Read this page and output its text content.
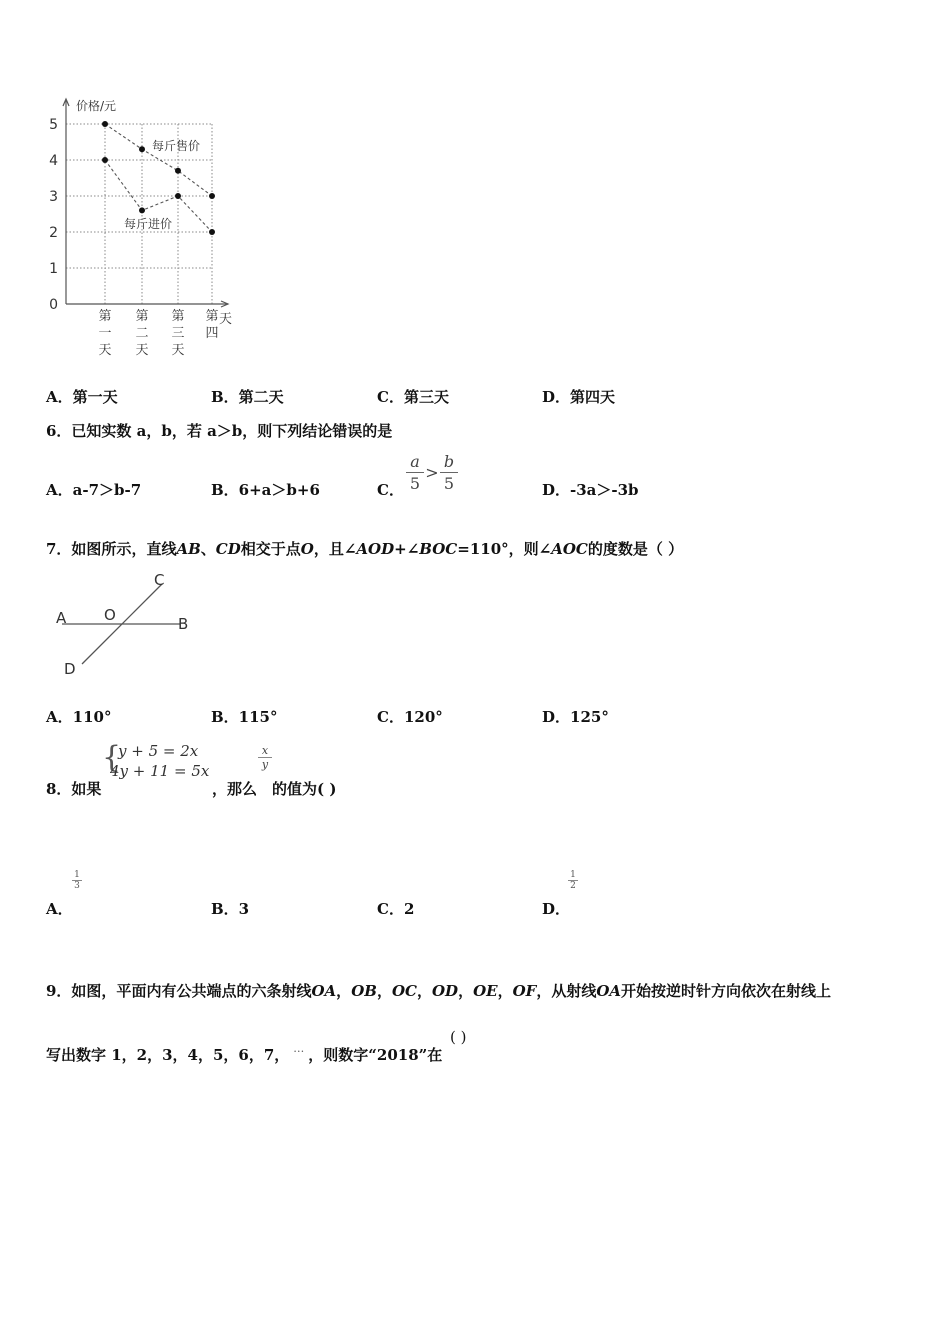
0
1
2
3
4
5
价格/元
天
第
一
天
第
二
天
第
三
天
第
四
每斤售价
每斤进价
A．第一天	B．第二天	C．第三天	D．第四天
6．已知实数 a，b，若 a＞b，则下列结论错误的是
A．a-7＞b-7	B．6+a＞b+6	C．
a
5
>
b
5	D．-3a＞-3b
7．如图所示，直线AB、CD相交于点O，且∠AOD+∠BOC=110°，则∠AOC的度数是（ ）
A	B
C
D
O
A．110°	B．115°	C．120°	D．125°
8．如果
{
y + 5 = 2x
4y + 11 = 5x
，那么
x
y
的值为( )
A．
1
3
B．3	C．2	D．
1
2
9．如图，平面内有公共端点的六条射线OA，OB，OC，OD，OE，OF，从射线OA开始按逆时针方向依次在射线上
写出数字 1，2，3，4，5，6，7， … ，则数字“2018”在
( )
